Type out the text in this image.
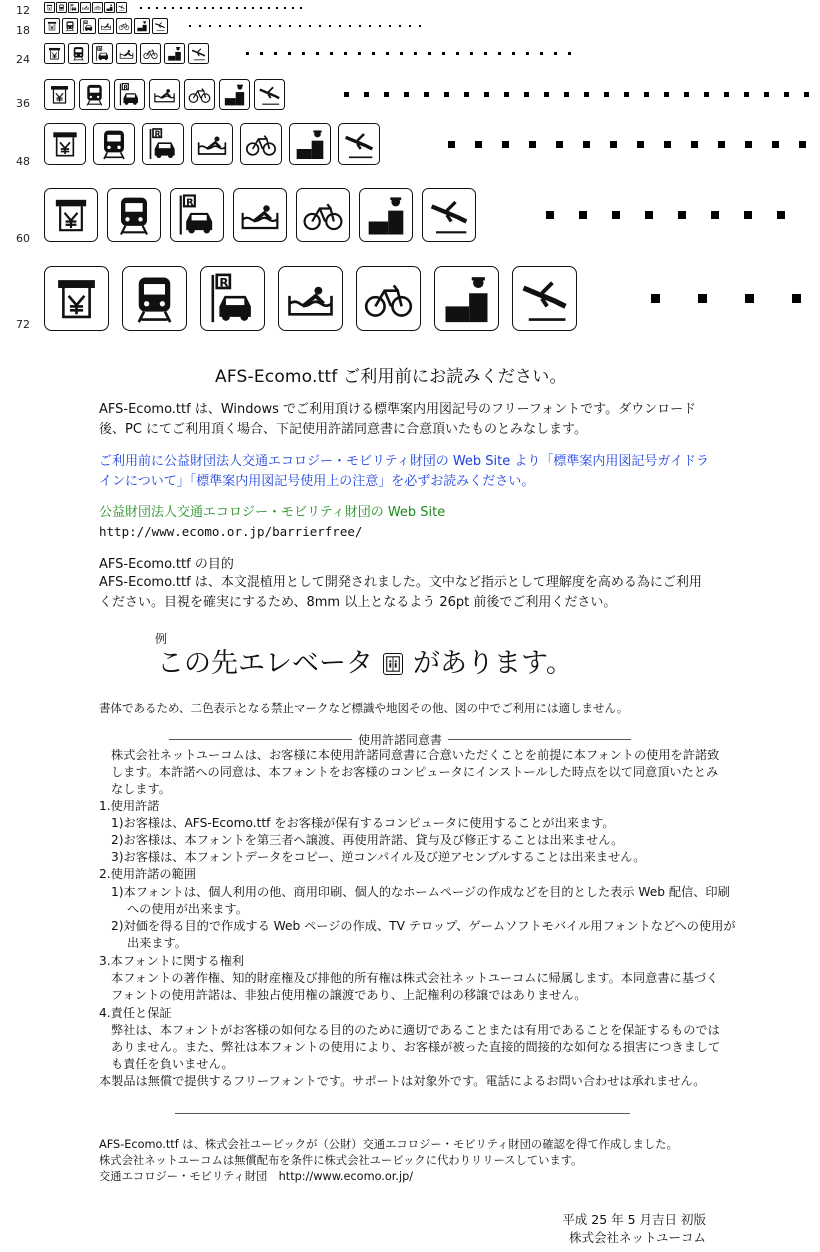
12	R
18
R
24
R
36
R
48
R
60
R
72
R
AFS-Ecomo.ttf ご利用前にお読みください。
AFS-Ecomo.ttf は、Windows でご利用頂ける標準案内用図記号のフリーフォントです。ダウンロード後、PC にてご利用頂く場合、下記使用許諾同意書に合意頂いたものとみなします。
ご利用前に公益財団法人交通エコロジー・モビリティ財団の Web Site より「標準案内用図記号ガイドラインについて」「標準案内用図記号使用上の注意」を必ずお読みください。
公益財団法人交通エコロジー・モビリティ財団の Web Site
http://www.ecomo.or.jp/barrierfree/
AFS-Ecomo.ttf の目的
AFS-Ecomo.ttf は、本文混植用として開発されました。文中など指示として理解度を高める為にご利用ください。目視を確実にするため、8mm 以上となるよう 26pt 前後でご利用ください。
例
この先エレベータ があります。
書体であるため、二色表示となる禁止マークなど標識や地図その他、図の中でご利用には適しません。
使用許諾同意書
株式会社ネットユーコムは、お客様に本使用許諾同意書に合意いただくことを前提に本フォントの使用を許諾致します。本許諾への同意は、本フォントをお客様のコンピュータにインストールした時点を以て同意頂いたとみなします。
1.使用許諾
1)お客様は、AFS-Ecomo.ttf をお客様が保有するコンピュータに使用することが出来ます。
2)お客様は、本フォントを第三者へ譲渡、再使用許諾、貸与及び修正することは出来ません。
3)お客様は、本フォントデータをコピー、逆コンパイル及び逆アセンブルすることは出来ません。
2.使用許諾の範囲
1)本フォントは、個人利用の他、商用印刷、個人的なホームページの作成などを目的とした表示 Web 配信、印刷への使用が出来ます。
2)対価を得る目的で作成する Web ページの作成、TV テロップ、ゲームソフトモバイル用フォントなどへの使用が出来ます。
3.本フォントに関する権利
本フォントの著作権、知的財産権及び排他的所有権は株式会社ネットユーコムに帰属します。本同意書に基づくフォントの使用許諾は、非独占使用権の譲渡であり、上記権利の移譲ではありません。
4.責任と保証
弊社は、本フォントがお客様の如何なる目的のために適切であることまたは有用であることを保証するものではありません。また、弊社は本フォントの使用により、お客様が被った直接的間接的な如何なる損害につきましても責任を負いません。
本製品は無償で提供するフリーフォントです。サポートは対象外です。電話によるお問い合わせは承れません。
AFS-Ecomo.ttf は、株式会社ユービックが（公財）交通エコロジー・モビリティ財団の確認を得て作成しました。
株式会社ネットユーコムは無償配布を条件に株式会社ユービックに代わりリリースしています。
交通エコロジー・モビリティ財団　http://www.ecomo.or.jp/
平成 25 年 5 月吉日 初版
株式会社ネットユーコム
